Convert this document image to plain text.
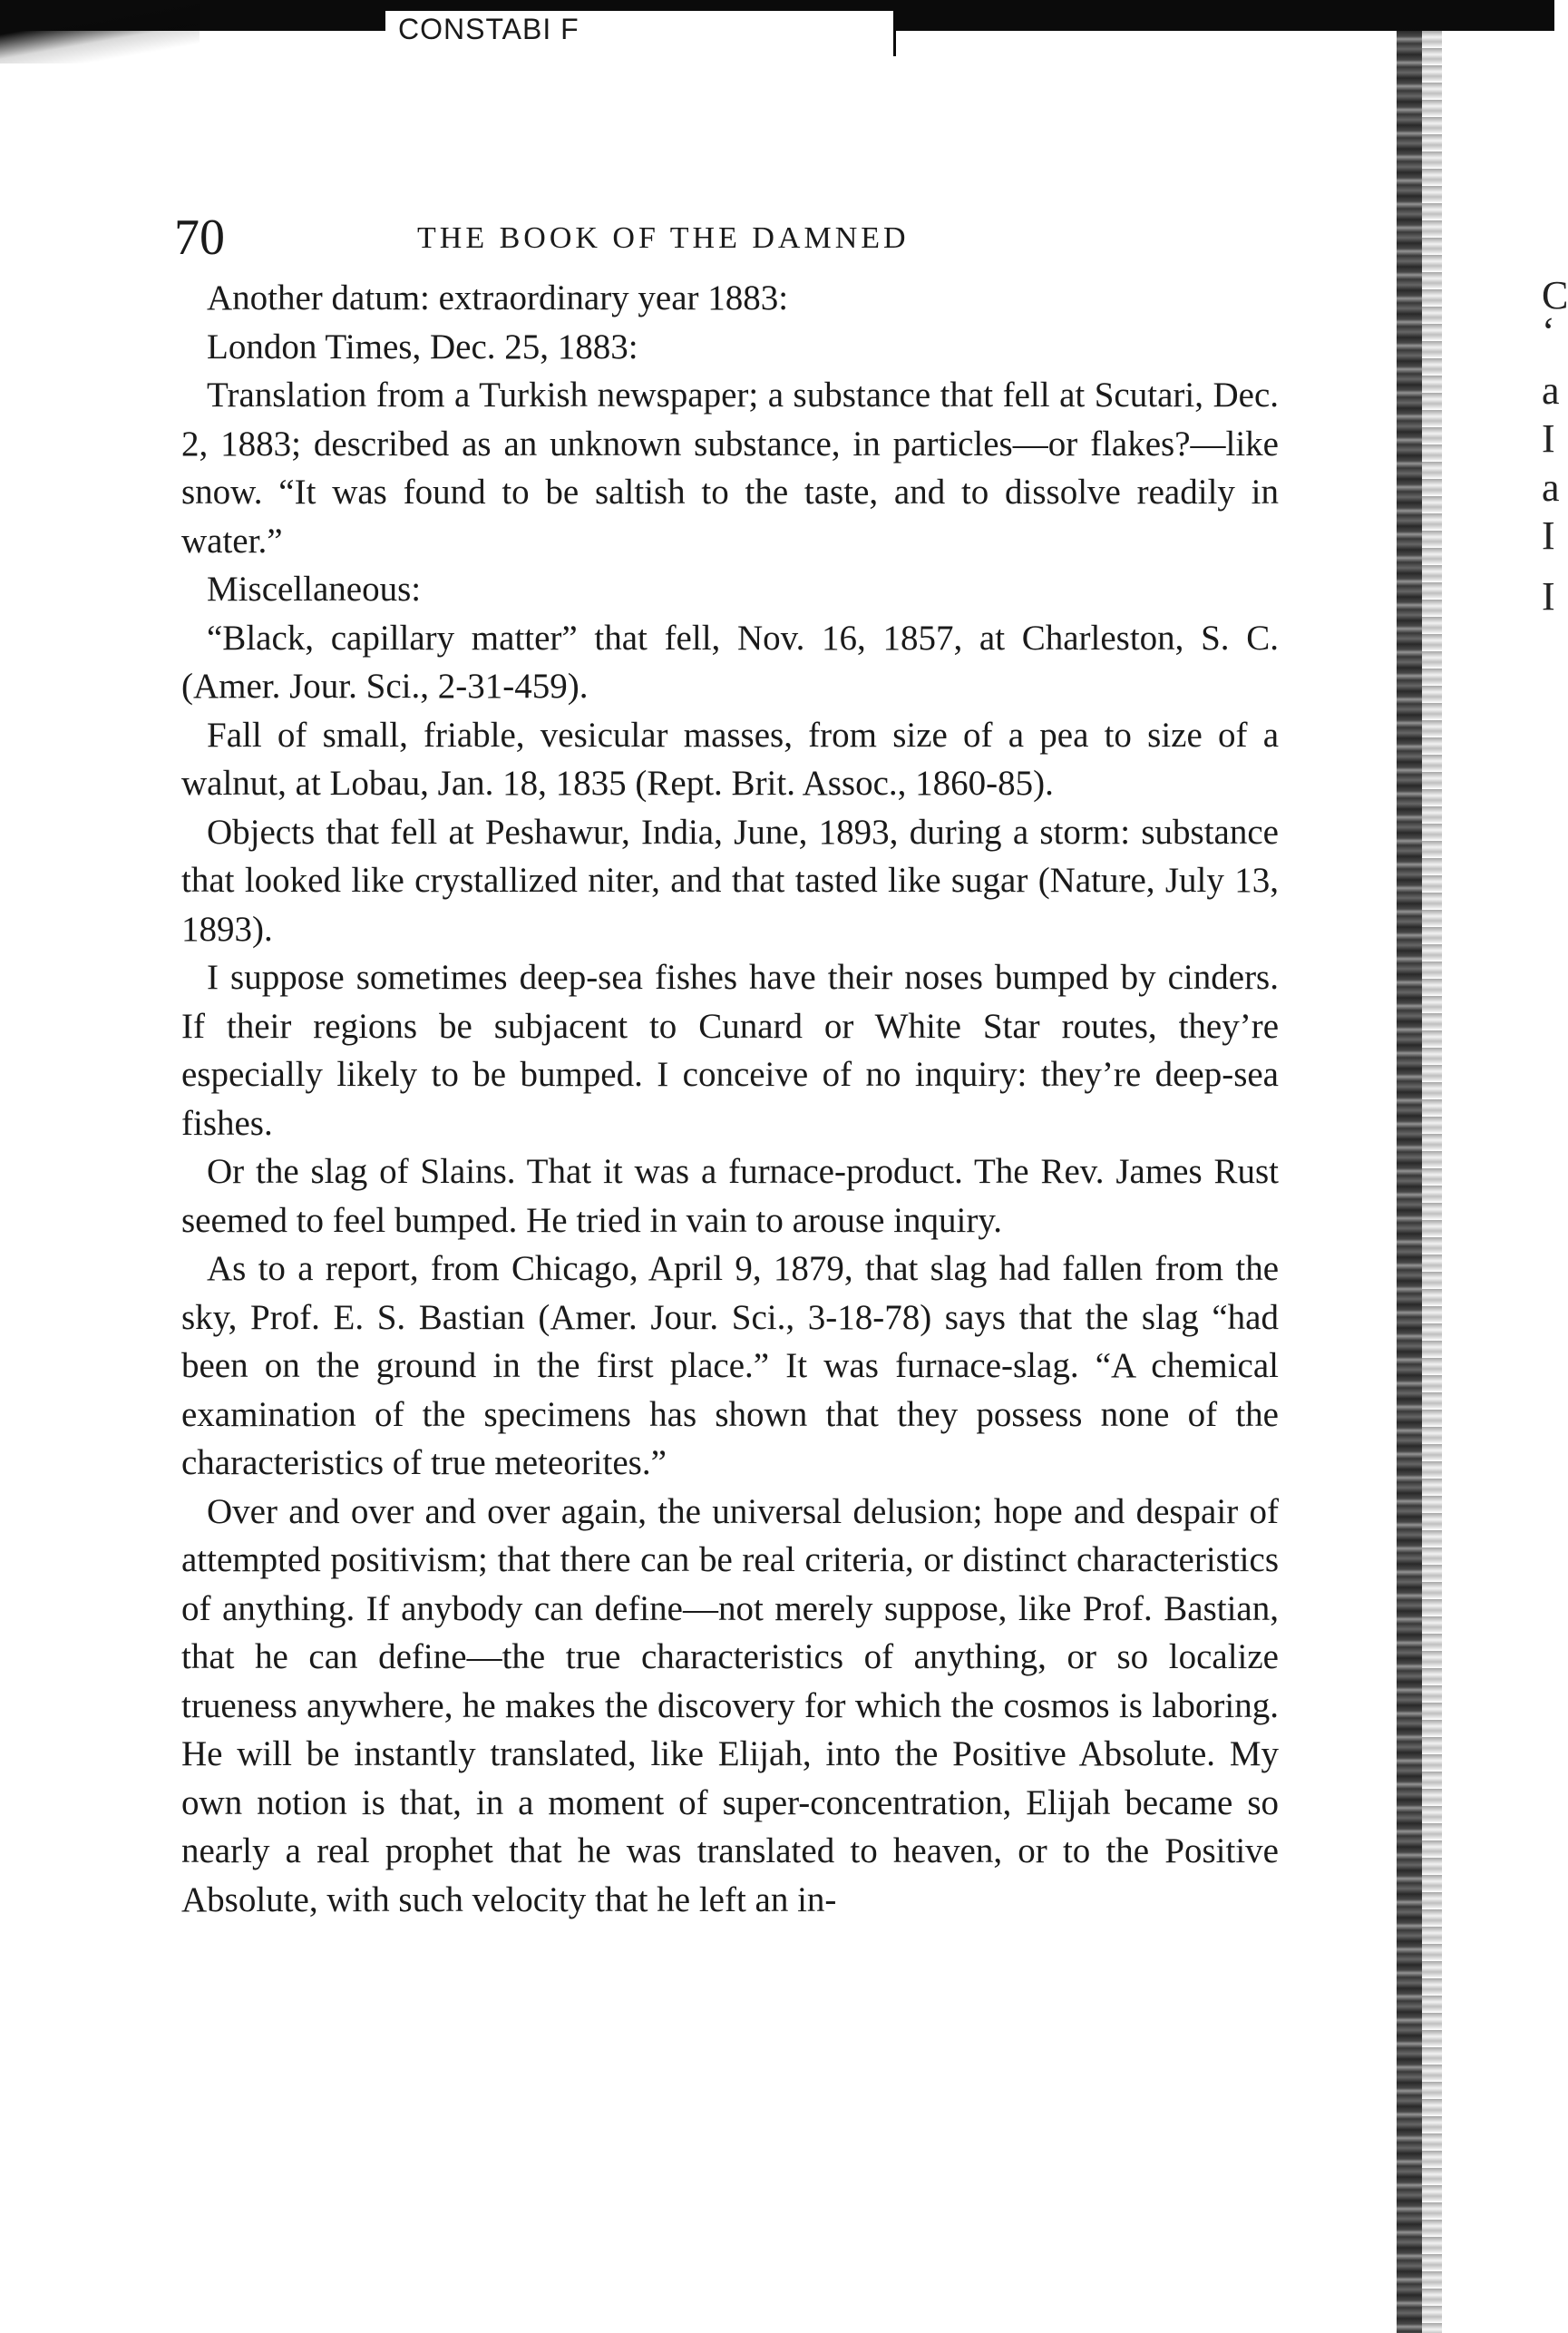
CONSTABI F
C
‘
a
I
a
I
I
70	THE BOOK OF THE DAMNED

Another datum: extraordinary year 1883:

London Times, Dec. 25, 1883:

Translation from a Turkish newspaper; a substance that fell at Scutari, Dec. 2, 1883; described as an unknown substance, in particles—or flakes?—like snow. “It was found to be saltish to the taste, and to dissolve readily in water.”

Miscellaneous:

“Black, capillary matter” that fell, Nov. 16, 1857, at Charleston, S. C. (Amer. Jour. Sci., 2-31-459).

Fall of small, friable, vesicular masses, from size of a pea to size of a walnut, at Lobau, Jan. 18, 1835 (Rept. Brit. Assoc., 1860-85).

Objects that fell at Peshawur, India, June, 1893, during a storm: substance that looked like crystallized niter, and that tasted like sugar (Nature, July 13, 1893).

I suppose sometimes deep-sea fishes have their noses bumped by cinders. If their regions be subjacent to Cunard or White Star routes, they’re especially likely to be bumped. I conceive of no inquiry: they’re deep-sea fishes.

Or the slag of Slains. That it was a furnace-product. The Rev. James Rust seemed to feel bumped. He tried in vain to arouse inquiry.

As to a report, from Chicago, April 9, 1879, that slag had fallen from the sky, Prof. E. S. Bastian (Amer. Jour. Sci., 3-18-78) says that the slag “had been on the ground in the first place.” It was furnace-slag. “A chemical examination of the specimens has shown that they possess none of the characteristics of true meteorites.”

Over and over and over again, the universal delusion; hope and despair of attempted positivism; that there can be real criteria, or distinct characteristics of anything. If anybody can define—not merely suppose, like Prof. Bastian, that he can define—the true characteristics of anything, or so localize trueness anywhere, he makes the discovery for which the cosmos is laboring. He will be instantly translated, like Elijah, into the Positive Absolute. My own notion is that, in a moment of super-concentration, Elijah became so nearly a real prophet that he was translated to heaven, or to the Positive Absolute, with such velocity that he left an in-
